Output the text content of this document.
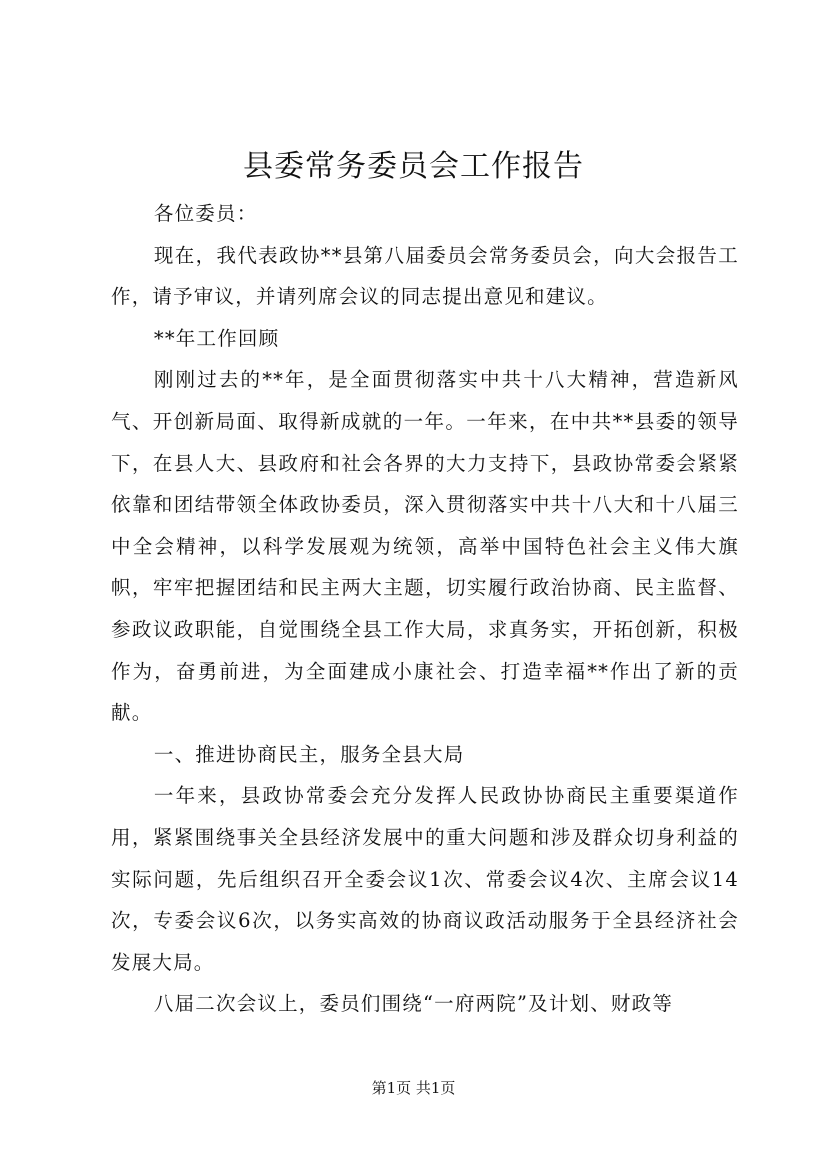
县委常务委员会工作报告

各位委员：

现在，我代表政协**县第八届委员会常务委员会，向大会报告工作，请予审议，并请列席会议的同志提出意见和建议。

**年工作回顾

刚刚过去的**年，是全面贯彻落实中共十八大精神，营造新风气、开创新局面、取得新成就的一年。一年来，在中共**县委的领导下，在县人大、县政府和社会各界的大力支持下，县政协常委会紧紧依靠和团结带领全体政协委员，深入贯彻落实中共十八大和十八届三中全会精神，以科学发展观为统领，高举中国特色社会主义伟大旗帜，牢牢把握团结和民主两大主题，切实履行政治协商、民主监督、参政议政职能，自觉围绕全县工作大局，求真务实，开拓创新，积极作为，奋勇前进，为全面建成小康社会、打造幸福**作出了新的贡献。

一、推进协商民主，服务全县大局

一年来，县政协常委会充分发挥人民政协协商民主重要渠道作用，紧紧围绕事关全县经济发展中的重大问题和涉及群众切身利益的实际问题，先后组织召开全委会议1次、常委会议4次、主席会议14次，专委会议6次，以务实高效的协商议政活动服务于全县经济社会发展大局。

八届二次会议上，委员们围绕“一府两院”及计划、财政等

第1页 共1页
